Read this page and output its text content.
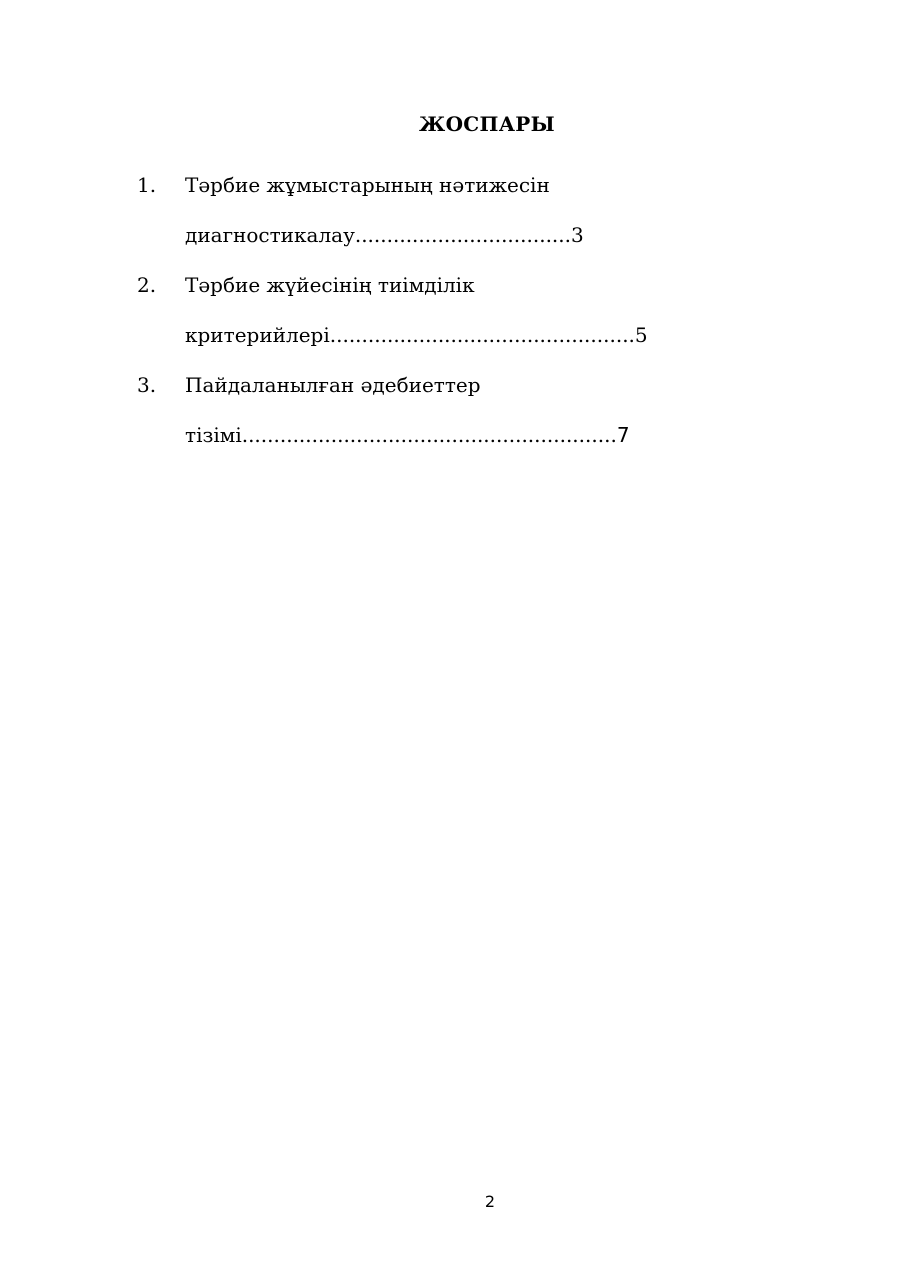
ЖОСПАРЫ
1. Тәрбие жұмыстарының нәтижесін
диагностикалау..................................3
2. Тәрбие жүйесінің тиімділік
критерийлері................................................5
3. Пайдаланылған әдебиеттер
тізімі...........................................................7
2
